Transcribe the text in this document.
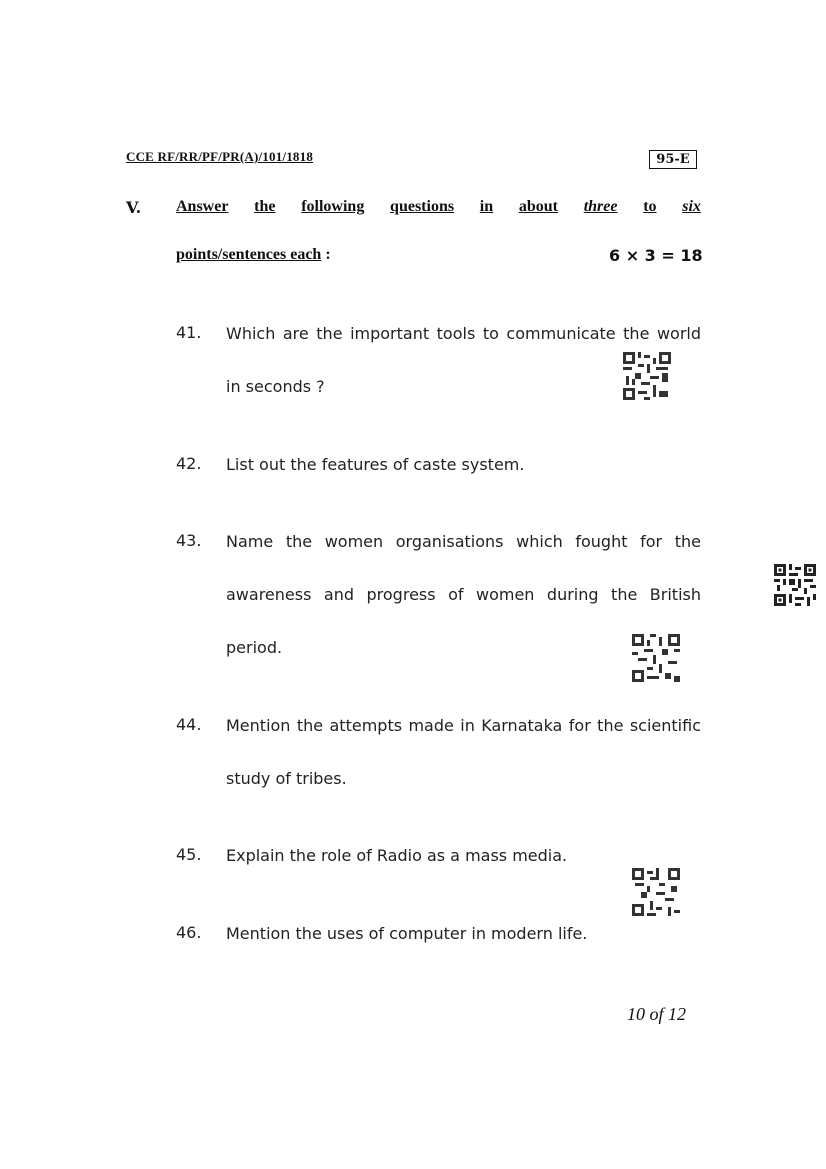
CCE RF/RR/PF/PR(A)/101/1818	95-E
V. Answer the following questions in about three to six
points/sentences each :	6 × 3 = 18
41. Which are the important tools to communicate the world in seconds ?
42. List out the features of caste system.
43. Name the women organisations which fought for the awareness and progress of women during the British period.
44. Mention the attempts made in Karnataka for the scientific study of tribes.
45. Explain the role of Radio as a mass media.
46. Mention the uses of computer in modern life.
10 of 12
